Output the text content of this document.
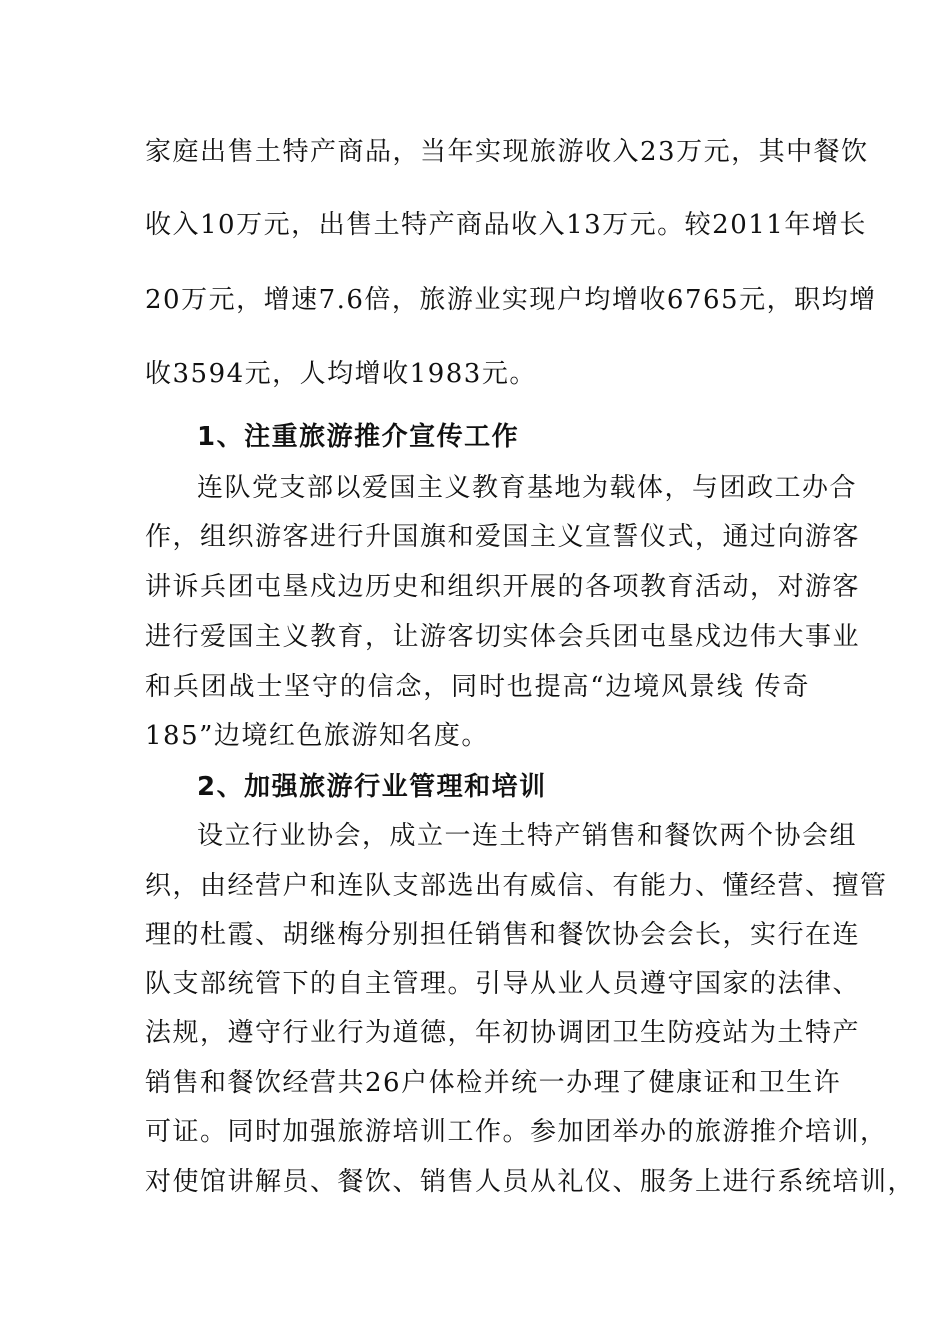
家庭出售土特产商品，当年实现旅游收入23万元，其中餐饮
收入10万元，出售土特产商品收入13万元。较2011年增长
20万元，增速7.6倍，旅游业实现户均增收6765元，职均增
收3594元，人均增收1983元。
1、注重旅游推介宣传工作
连队党支部以爱国主义教育基地为载体，与团政工办合
作，组织游客进行升国旗和爱国主义宣誓仪式，通过向游客
讲诉兵团屯垦戍边历史和组织开展的各项教育活动，对游客
进行爱国主义教育，让游客切实体会兵团屯垦戍边伟大事业
和兵团战士坚守的信念，同时也提高“边境风景线 传奇
185”边境红色旅游知名度。
2、加强旅游行业管理和培训
设立行业协会，成立一连土特产销售和餐饮两个协会组
织，由经营户和连队支部选出有威信、有能力、懂经营、擅管
理的杜霞、胡继梅分别担任销售和餐饮协会会长，实行在连
队支部统管下的自主管理。引导从业人员遵守国家的法律、
法规，遵守行业行为道德，年初协调团卫生防疫站为土特产
销售和餐饮经营共26户体检并统一办理了健康证和卫生许
可证。同时加强旅游培训工作。参加团举办的旅游推介培训，
对使馆讲解员、餐饮、销售人员从礼仪、服务上进行系统培训，
